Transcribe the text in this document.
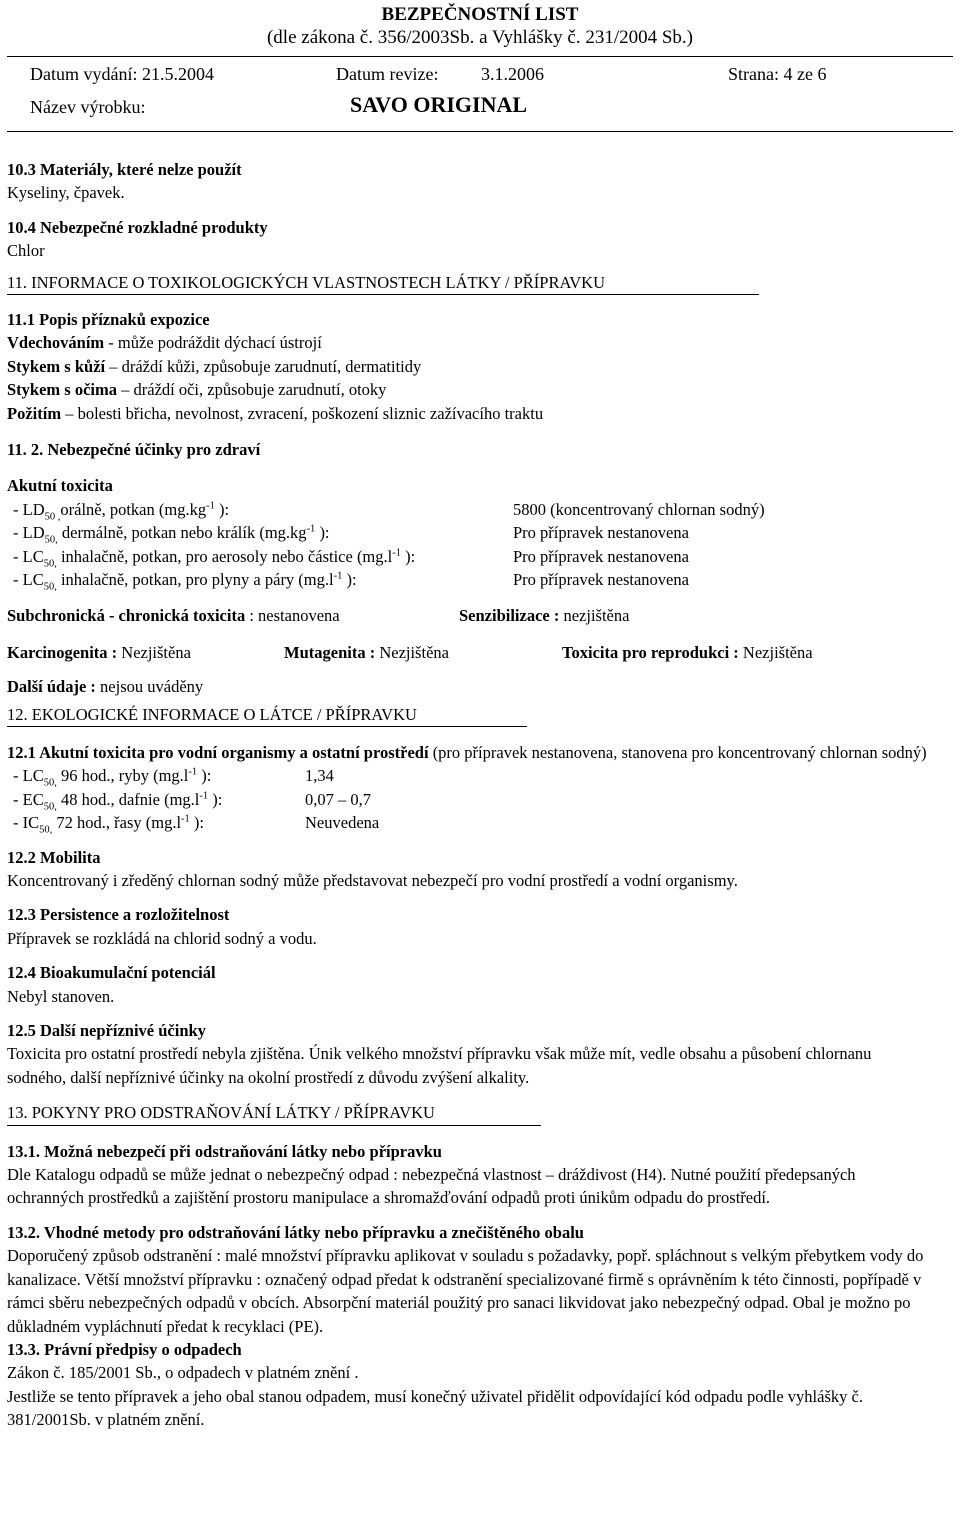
BEZPEČNOSTNÍ LIST
(dle zákona č. 356/2003Sb. a Vyhlášky č. 231/2004 Sb.)
Datum vydání: 21.5.2004	Datum revize: 3.1.2006	Strana: 4 ze 6
Název výrobku:	SAVO ORIGINAL
10.3 Materiály, které nelze použít
Kyseliny, čpavek.
10.4 Nebezpečné rozkladné produkty
Chlor
11. INFORMACE O TOXIKOLOGICKÝCH VLASTNOSTECH LÁTKY / PŘÍPRAVKU
11.1 Popis příznaků expozice
Vdechováním - může podráždit dýchací ústrojí
Stykem s kůží – dráždí kůži, způsobuje zarudnutí, dermatitidy
Stykem s očima – dráždí oči, způsobuje zarudnutí, otoky
Požitím – bolesti břicha, nevolnost, zvracení, poškození sliznic zažívacího traktu
11. 2. Nebezpečné účinky pro zdraví
Akutní toxicita
- $LD_{50 ,}orá\ln ě$, potkan ($mg.kg^{-1}$ ):	5800 (koncentrovaný chlornan sodný)
- $LD_{50,}$ dermálně, potkan nebo králík ($mg.kg^{-1}$ ):	Pro přípravek nestanovena
- $LC_{50,}$ inhalačně, potkan, pro aerosoly nebo částice ($mg.l^{-1}$ ):	Pro přípravek nestanovena
- $LC_{50,}$ inhalačně, potkan, pro plyny a páry ($mg.l^{-1}$ ):	Pro přípravek nestanovena
Subchronická - chronická toxicita : nestanovena	Senzibilizace : nezjištěna
Karcinogenita : Nezjištěna	Mutagenita : Nezjištěna	Toxicita pro reprodukci : Nezjištěna
Další údaje : nejsou uváděny
12. EKOLOGICKÉ INFORMACE O LÁTCE / PŘÍPRAVKU
12.1 Akutní toxicita pro vodní organismy a ostatní prostředí (pro přípravek nestanovena, stanovena pro koncentrovaný chlornan sodný)
- $LC_{50,}$ 96 hod., ryby ($mg.l^{-1}$ ):	1,34
- $EC_{50,}$ 48 hod., dafnie ($mg.l^{-1}$ ):	0,07 – 0,7
- $IC_{50,}$ 72 hod., řasy ($mg.l^{-1}$ ):	Neuvedena
12.2 Mobilita
Koncentrovaný i zředěný chlornan sodný může představovat nebezpečí pro vodní prostředí a vodní organismy.
12.3 Persistence a rozložitelnost
Přípravek se rozkládá na chlorid sodný a vodu.
12.4 Bioakumulační potenciál
Nebyl stanoven.
12.5 Další nepříznivé účinky
Toxicita pro ostatní prostředí nebyla zjištěna. Únik velkého množství přípravku však může mít, vedle obsahu a působení chlornanu sodného, další nepříznivé účinky na okolní prostředí z důvodu zvýšení alkality.
13. POKYNY PRO ODSTRAŇOVÁNÍ LÁTKY / PŘÍPRAVKU
13.1. Možná nebezpečí při odstraňování látky nebo přípravku
Dle Katalogu odpadů se může jednat o nebezpečný odpad : nebezpečná vlastnost – dráždivost (H4). Nutné použití předepsaných ochranných prostředků a zajištění prostoru manipulace a shromažďování odpadů proti únikům odpadu do prostředí.
13.2. Vhodné metody pro odstraňování látky nebo přípravku a znečištěného obalu
Doporučený způsob odstranění : malé množství přípravku aplikovat v souladu s požadavky, popř. spláchnout s velkým přebytkem vody do kanalizace. Větší množství přípravku : označený odpad předat k odstranění specializované firmě s oprávněním k této činnosti, popřípadě v rámci sběru nebezpečných odpadů v obcích. Absorpční materiál použitý pro sanaci likvidovat jako nebezpečný odpad. Obal je možno po důkladném vypláchnutí předat k recyklaci (PE).
13.3. Právní předpisy o odpadech
Zákon č. 185/2001 Sb., o odpadech v platném znění .
Jestliže se tento přípravek a jeho obal stanou odpadem, musí konečný uživatel přidělit odpovídající kód odpadu podle vyhlášky č. 381/2001Sb. v platném znění.
